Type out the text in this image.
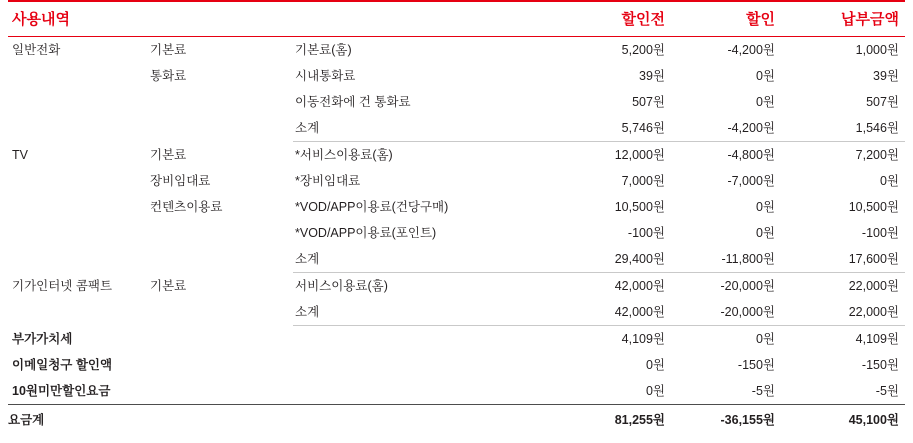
사용내역			할인전	할인	납부금액
일반전화	기본료	기본료(홈)	5,200원	-4,200원	1,000원
	통화료	시내통화료	39원	0원	39원
		이동전화에 건 통화료	507원	0원	507원
		소계	5,746원	-4,200원	1,546원
TV	기본료	*서비스이용료(홈)	12,000원	-4,800원	7,200원
	장비임대료	*장비임대료	7,000원	-7,000원	0원
	컨텐츠이용료	*VOD/APP이용료(건당구매)	10,500원	0원	10,500원
		*VOD/APP이용료(포인트)	-100원	0원	-100원
		소계	29,400원	-11,800원	17,600원
기가인터넷 콤팩트	기본료	서비스이용료(홈)	42,000원	-20,000원	22,000원
		소계	42,000원	-20,000원	22,000원
부가가치세			4,109원	0원	4,109원
이메일청구 할인액			0원	-150원	-150원
10원미만할인요금			0원	-5원	-5원
요금계			81,255원	-36,155원	45,100원
